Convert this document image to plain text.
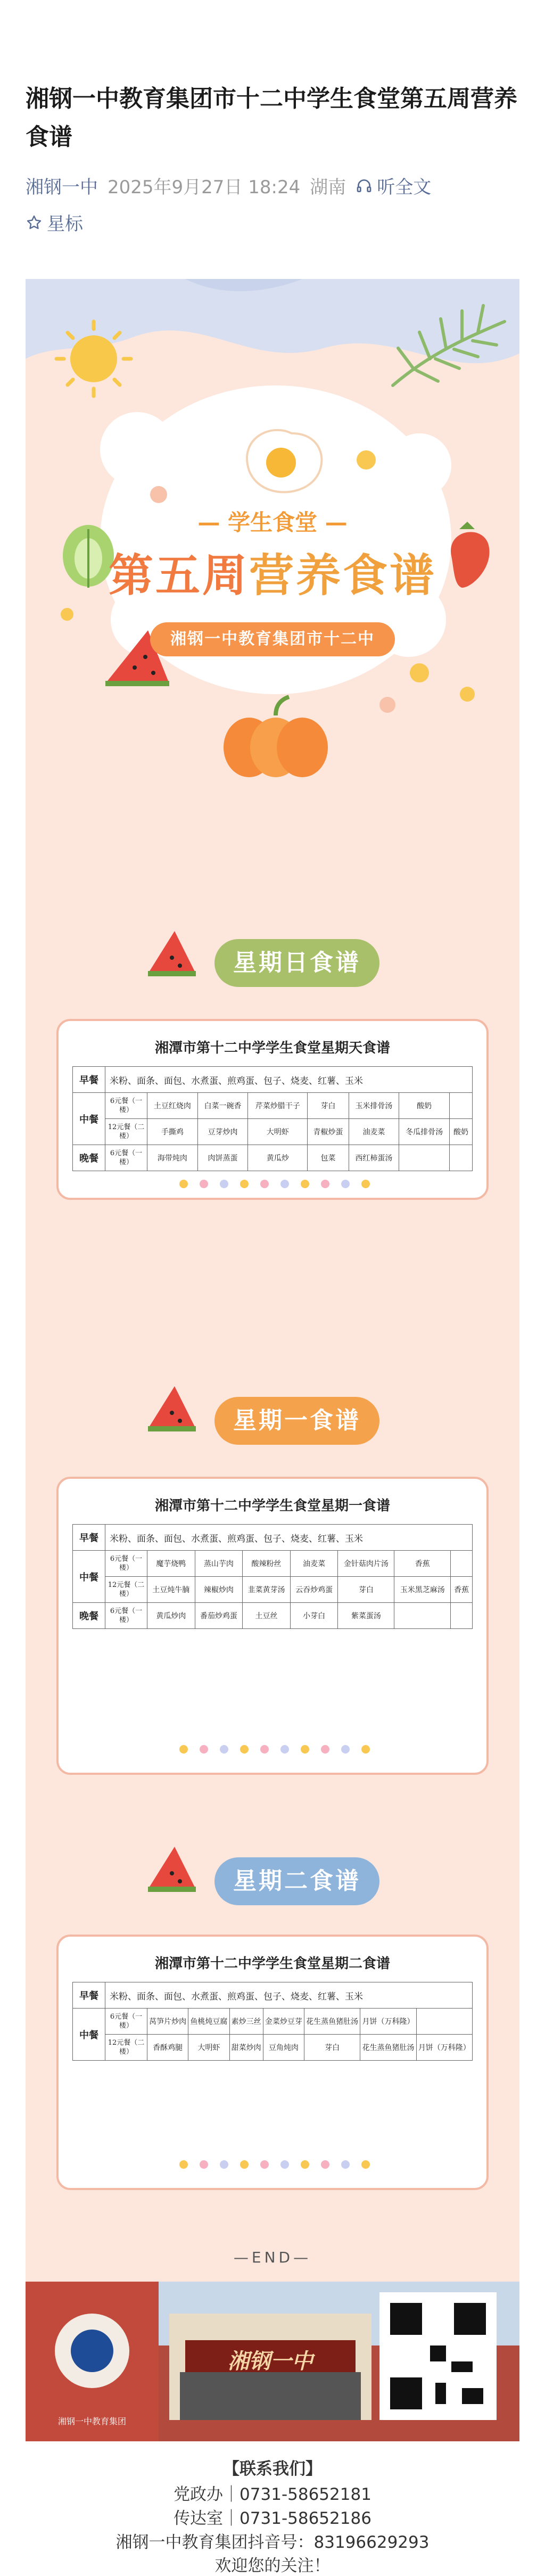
湘钢一中教育集团市十二中学生食堂第五周营养食谱
湘钢一中 2025年9月27日 18:24 湖南 听全文
星标
— 学生食堂 —
第五周营养食谱
湘钢一中教育集团市十二中
星期日食谱
湘潭市第十二中学学生食堂星期天食谱
早餐	米粉、面条、面包、水煮蛋、煎鸡蛋、包子、烧麦、红薯、玉米							
中餐	6元餐（一楼）	土豆红烧肉	白菜一碗香	芹菜炒腊干子	芽白	玉米排骨汤	酸奶	
	12元餐（二楼）	手撕鸡	豆芽炒肉	大明虾	青椒炒蛋	油麦菜	冬瓜排骨汤	酸奶
晚餐	6元餐（一楼）	海带炖肉	肉饼蒸蛋	黄瓜炒	包菜	西红柿蛋汤		
星期一食谱
湘潭市第十二中学学生食堂星期一食谱
早餐	米粉、面条、面包、水煮蛋、煎鸡蛋、包子、烧麦、红薯、玉米							
中餐	6元餐（一楼）	魔芋烧鸭	蒸山芋肉	酸辣粉丝	油麦菜	金针菇肉片汤	香蕉	
	12元餐（二楼）	土豆炖牛腩	辣椒炒肉	韭菜黄芽汤	云吞炒鸡蛋	芽白	玉米黑芝麻汤	香蕉
晚餐	6元餐（一楼）	黄瓜炒肉	番茄炒鸡蛋	土豆丝	小芽白	紫菜蛋汤		
星期二食谱
湘潭市第十二中学学生食堂星期二食谱
早餐	米粉、面条、面包、水煮蛋、煎鸡蛋、包子、烧麦、红薯、玉米							
中餐	6元餐（一楼）	莴笋片炒肉	鱼桃炖豆腐	素炒三丝	金菜炒豆芽	花生蒸鱼猪肚汤	月饼（万科隆）	
	12元餐（二楼）	香酥鸡腿	大明虾	甜菜炒肉	豆角炖肉	芽白	花生蒸鱼猪肚汤	月饼（万科隆）
—END—
湘钢一中
湘钢一中教育集团
【联系我们】
党政办｜0731-58652181
传达室｜0731-58652186
湘钢一中教育集团抖音号：83196629293
欢迎您的关注！
